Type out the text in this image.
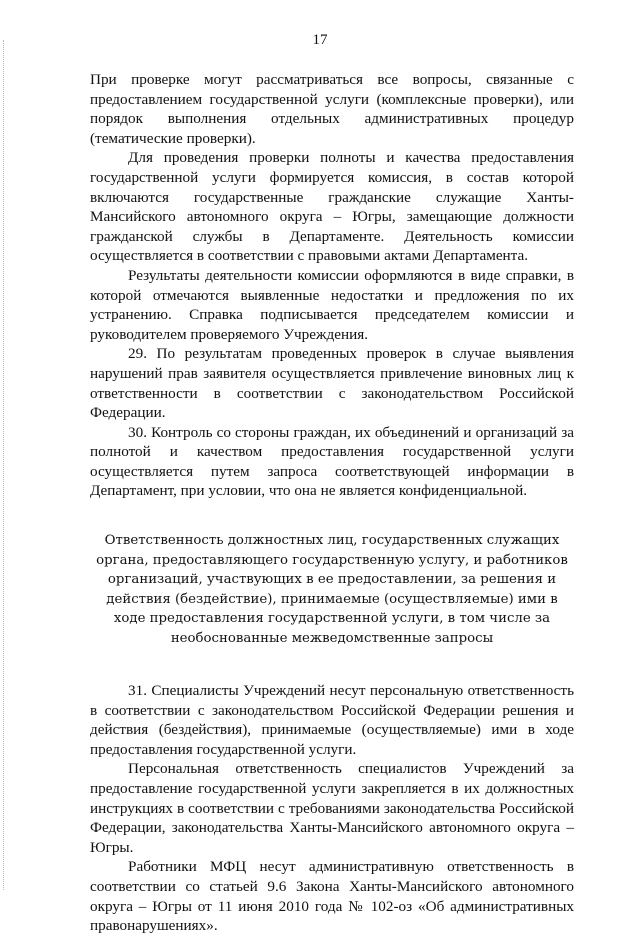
17

При проверке могут рассматриваться все вопросы, связанные с предоставлением государственной услуги (комплексные проверки), или порядок выполнения отдельных административных процедур (тематические проверки).

Для проведения проверки полноты и качества предоставления государственной услуги формируется комиссия, в состав которой включаются государственные гражданские служащие Ханты-Мансийского автономного округа – Югры, замещающие должности гражданской службы в Департаменте. Деятельность комиссии осуществляется в соответствии с правовыми актами Департамента.

Результаты деятельности комиссии оформляются в виде справки, в которой отмечаются выявленные недостатки и предложения по их устранению. Справка подписывается председателем комиссии и руководителем проверяемого Учреждения.

29. По результатам проведенных проверок в случае выявления нарушений прав заявителя осуществляется привлечение виновных лиц к ответственности в соответствии с законодательством Российской Федерации.

30. Контроль со стороны граждан, их объединений и организаций за полнотой и качеством предоставления государственной услуги осуществляется путем запроса соответствующей информации в Департамент, при условии, что она не является конфиденциальной.

Ответственность должностных лиц, государственных служащих органа, предоставляющего государственную услугу, и работников организаций, участвующих в ее предоставлении, за решения и действия (бездействие), принимаемые (осуществляемые) ими в ходе предоставления государственной услуги, в том числе за необоснованные межведомственные запросы

31. Специалисты Учреждений несут персональную ответственность в соответствии с законодательством Российской Федерации решения и действия (бездействия), принимаемые (осуществляемые) ими в ходе предоставления государственной услуги.

Персональная ответственность специалистов Учреждений за предоставление государственной услуги закрепляется в их должностных инструкциях в соответствии с требованиями законодательства Российской Федерации, законодательства Ханты-Мансийского автономного округа – Югры.

Работники МФЦ несут административную ответственность в соответствии со статьей 9.6 Закона Ханты-Мансийского автономного округа – Югры от 11 июня 2010 года № 102-оз «Об административных правонарушениях».
